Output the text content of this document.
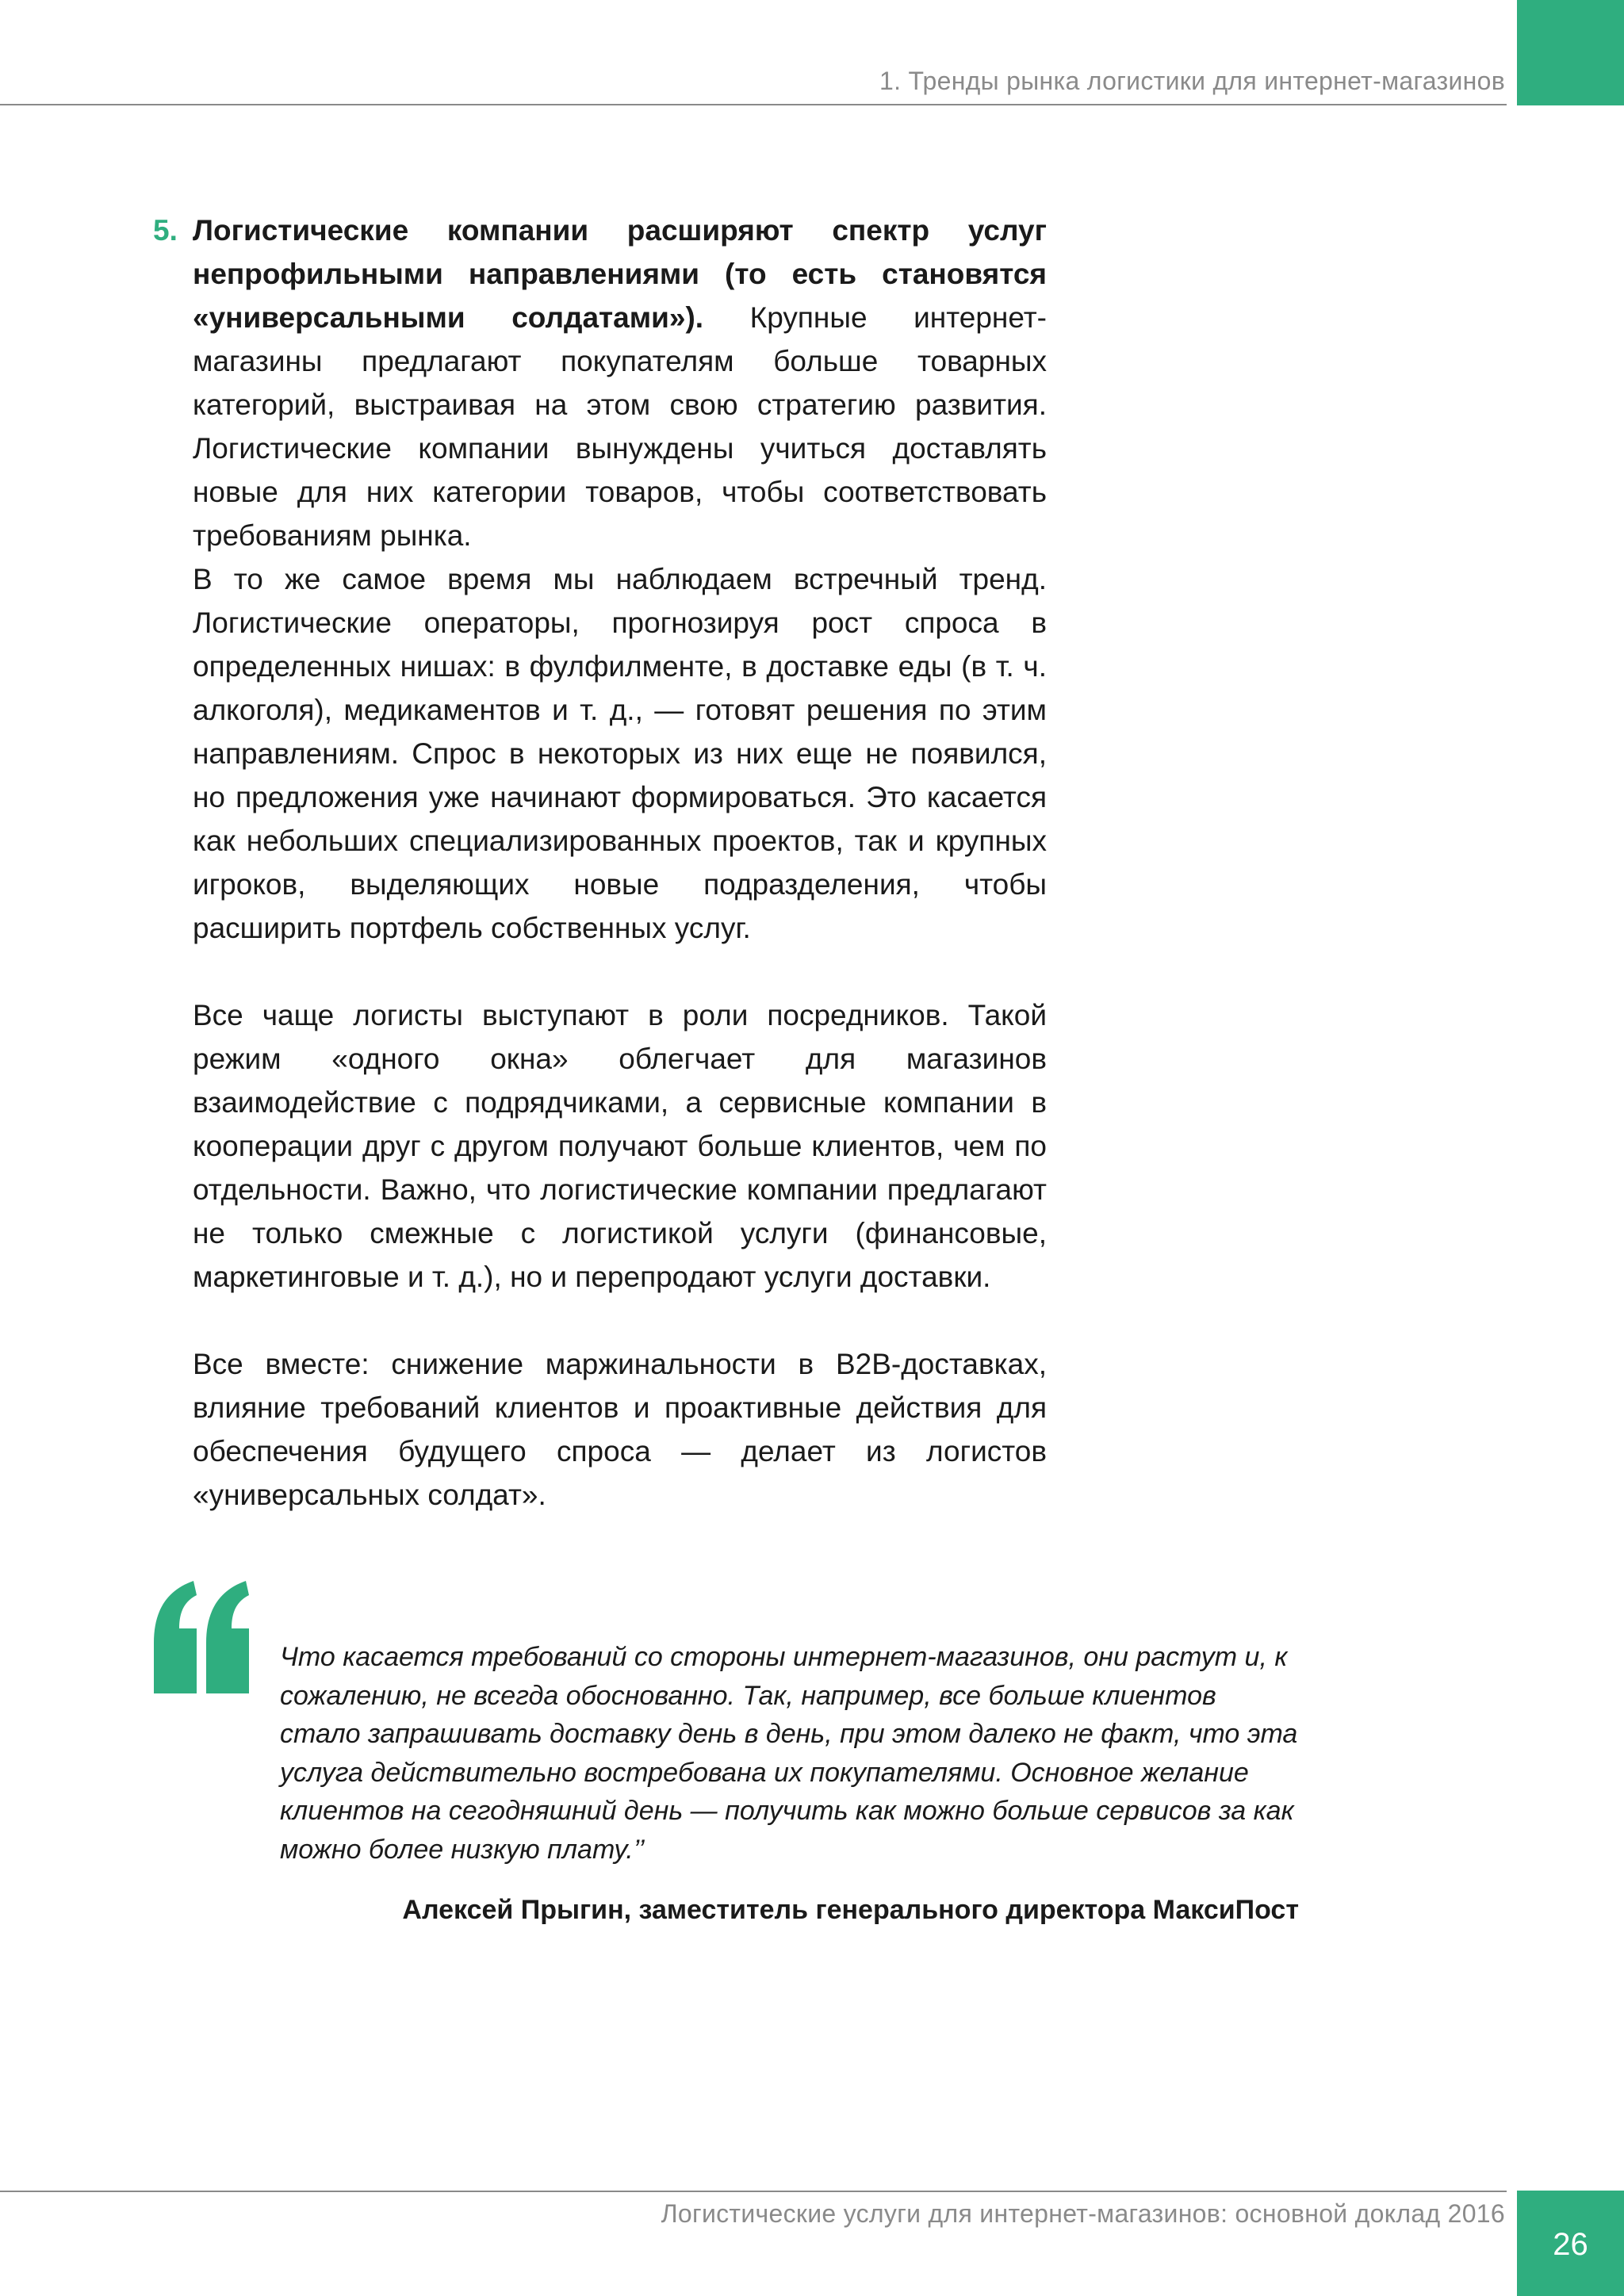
1. Тренды рынка логистики для интернет-магазинов
5. Логистические компании расширяют спектр услуг непрофильными направлениями (то есть становятся «универсальными солдатами»). Крупные интернет-магазины предлагают покупателям больше товарных категорий, выстраивая на этом свою стратегию развития. Логистические компании вынуждены учиться доставлять новые для них категории товаров, чтобы соответствовать требованиям рынка.

В то же самое время мы наблюдаем встречный тренд. Логистические операторы, прогнозируя рост спроса в определенных нишах: в фулфилменте, в доставке еды (в т. ч. алкоголя), медикаментов и т. д., — готовят решения по этим направлениям. Спрос в некоторых из них еще не появился, но предложения уже начинают формироваться. Это касается как небольших специализированных проектов, так и крупных игроков, выделяющих новые подразделения, чтобы расширить портфель собственных услуг.

Все чаще логисты выступают в роли посредников. Такой режим «одного окна» облегчает для магазинов взаимодействие с подрядчиками, а сервисные компании в кооперации друг с другом получают больше клиентов, чем по отдельности. Важно, что логистические компании предлагают не только смежные с логистикой услуги (финансовые, маркетинговые и т. д.), но и перепродают услуги доставки.

Все вместе: снижение маржинальности в B2B-доставках, влияние требований клиентов и проактивные действия для обеспечения будущего спроса — делает из логистов «универсальных солдат».

Что касается требований со стороны интернет-магазинов, они растут и, к сожалению, не всегда обоснованно. Так, например, все больше клиентов стало запрашивать доставку день в день, при этом далеко не факт, что эта услуга действительно востребована их покупателями. Основное желание клиентов на сегодняшний день — получить как можно больше сервисов за как можно более низкую плату.’’

Алексей Прыгин, заместитель генерального директора МаксиПост
Логистические услуги для интернет-магазинов: основной доклад 2016
26
